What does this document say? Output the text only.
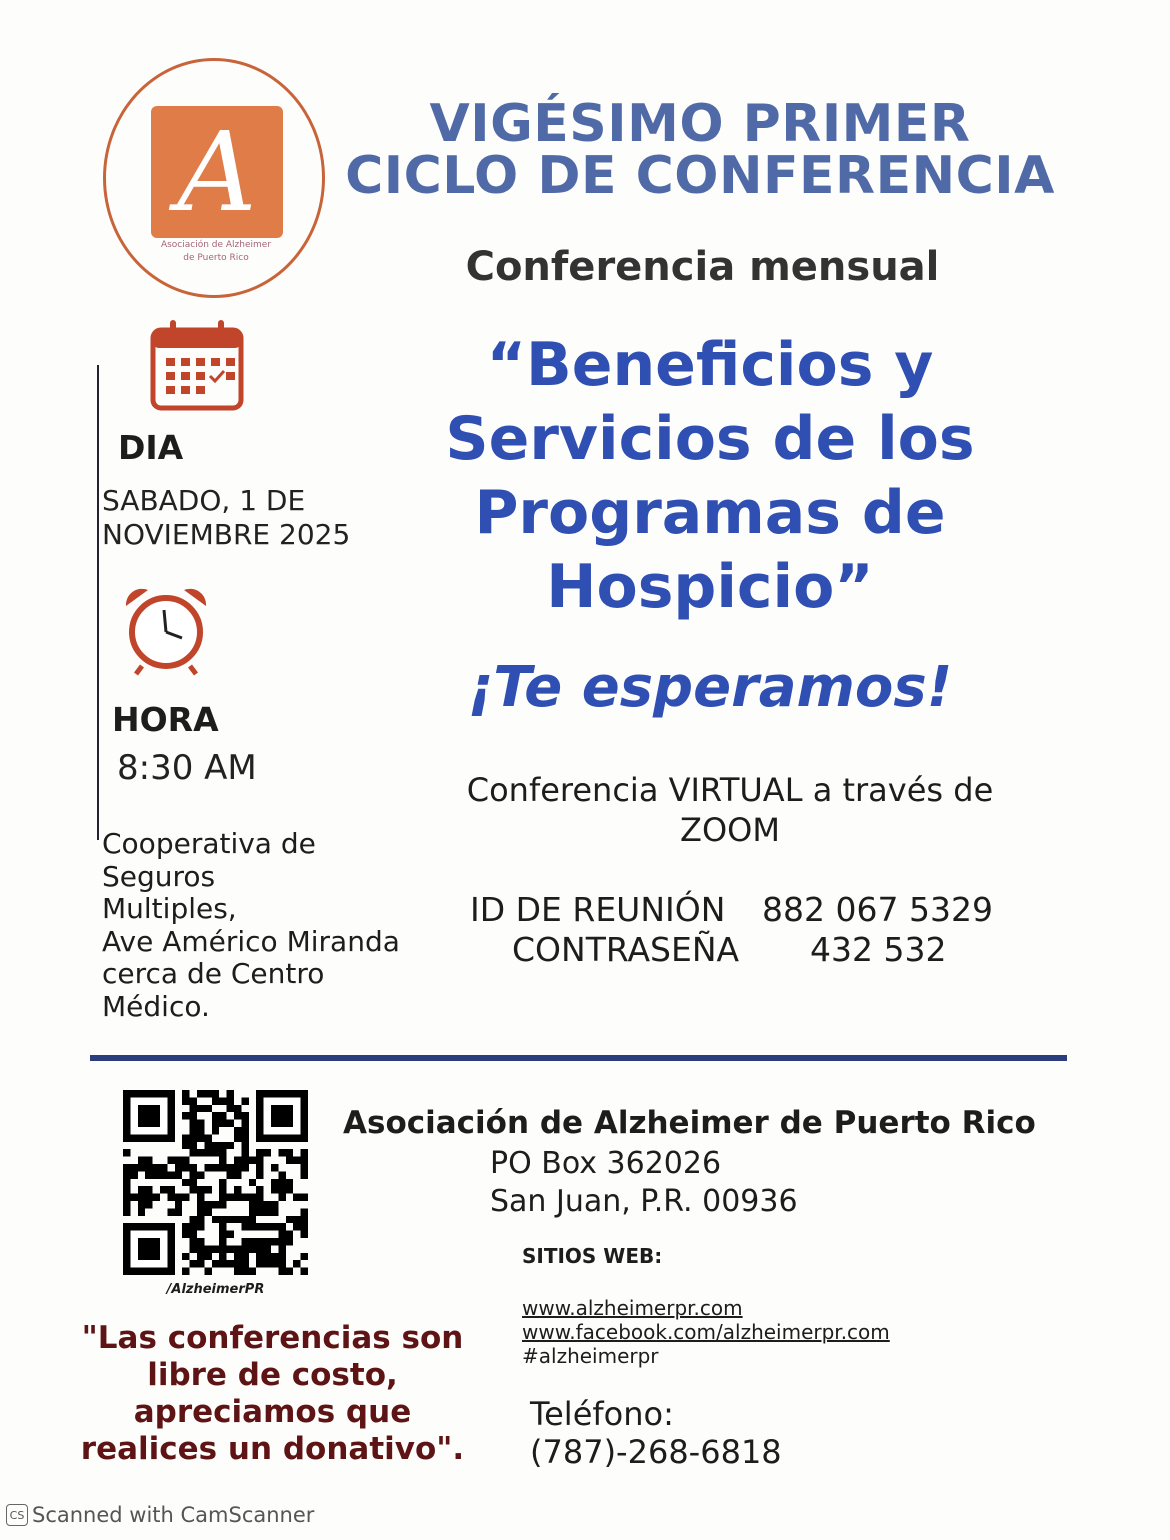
A
Asociación de Alzheimer
de Puerto Rico
VIGÉSIMO PRIMER
CICLO DE CONFERENCIA
Conferencia mensual
“Beneficios y
Servicios de los
Programas de
Hospicio”
¡Te esperamos!
DIA
SABADO, 1 DE
NOVIEMBRE 2025
HORA
8:30 AM
Cooperativa de
Seguros
Multiples,
Ave Américo Miranda
cerca de Centro
Médico.
Conferencia VIRTUAL a través de
ZOOM
ID DE REUNIÓN 882 067 5329
CONTRASEÑA 432 532
/AlzheimerPR
"Las conferencias son
libre de costo,
apreciamos que
realices un donativo".
Asociación de Alzheimer de Puerto Rico
PO Box 362026
San Juan, P.R. 00936
SITIOS WEB:
www.alzheimerpr.com
www.facebook.com/alzheimerpr.com
#alzheimerpr
Teléfono:
(787)-268-6818
CS Scanned with CamScanner
